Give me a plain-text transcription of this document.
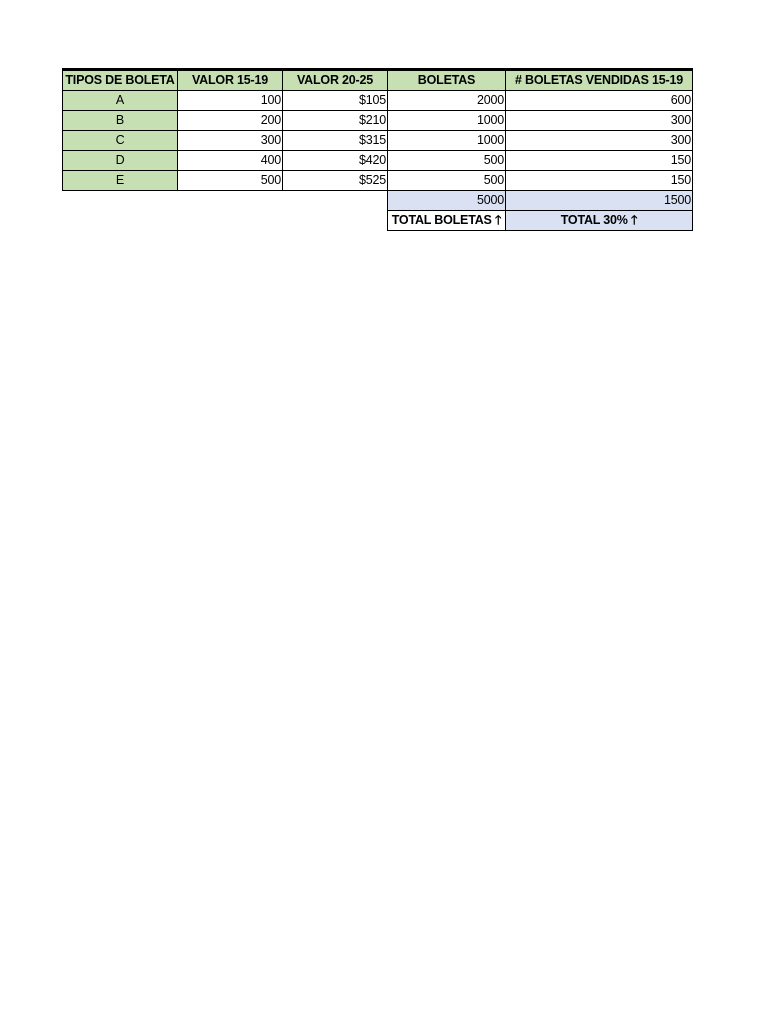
TIPOS DE BOLETA	VALOR 15-19	VALOR 20-25	BOLETAS	# BOLETAS VENDIDAS 15-19
A	100	$105	2000	600
B	200	$210	1000	300
C	300	$315	1000	300
D	400	$420	500	150
E	500	$525	500	150
			5000	1500
			TOTAL BOLETAS 🡑	TOTAL 30% 🡑
